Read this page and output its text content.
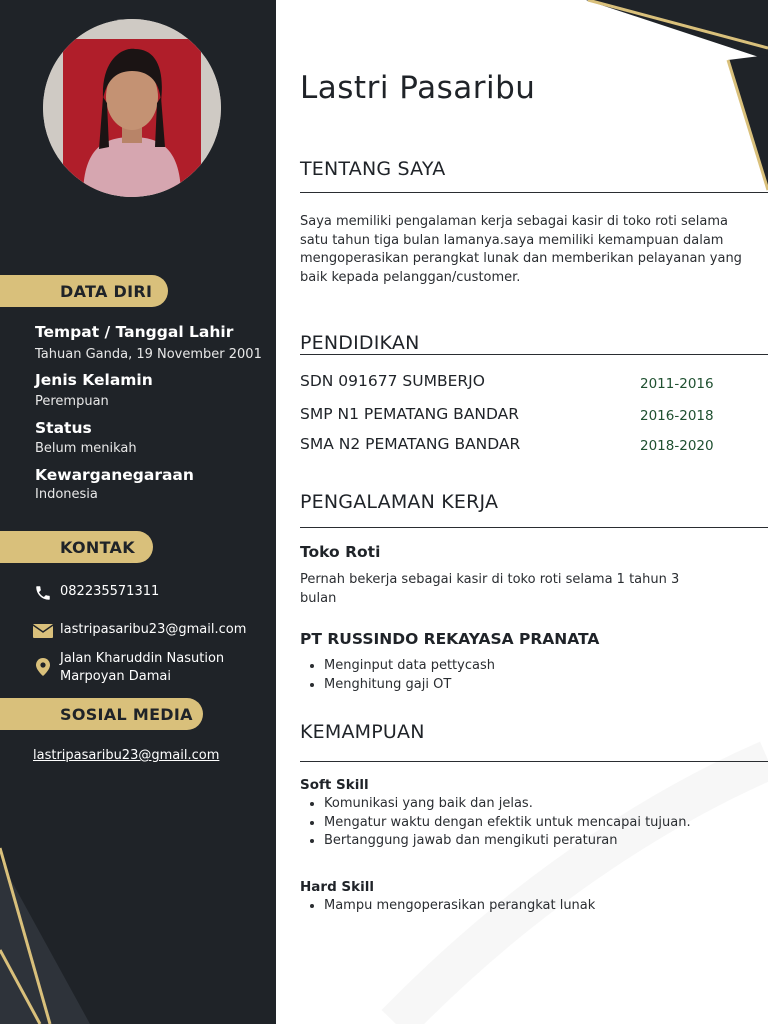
DATA DIRI
Tempat / Tanggal Lahir
Tahuan Ganda, 19 November 2001
Jenis Kelamin
Perempuan
Status
Belum menikah
Kewarganegaraan
Indonesia
KONTAK
082235571311
lastripasaribu23@gmail.com
Jalan Kharuddin Nasution
Marpoyan Damai
SOSIAL MEDIA
lastripasaribu23@gmail.com
Lastri Pasaribu
TENTANG SAYA
Saya memiliki pengalaman kerja sebagai kasir di toko roti selama
satu tahun tiga bulan lamanya.saya memiliki kemampuan dalam
mengoperasikan perangkat lunak dan memberikan pelayanan yang
baik kepada pelanggan/customer.
PENDIDIKAN
SDN 091677 SUMBERJO	2011-2016
SMP N1 PEMATANG BANDAR	2016-2018
SMA N2 PEMATANG BANDAR	2018-2020
PENGALAMAN KERJA
Toko Roti
Pernah bekerja sebagai kasir di toko roti selama 1 tahun 3
bulan
PT RUSSINDO REKAYASA PRANATA
• Menginput data pettycash
• Menghitung gaji OT
KEMAMPUAN
Soft Skill
• Komunikasi yang baik dan jelas.
• Mengatur waktu dengan efektik untuk mencapai tujuan.
• Bertanggung jawab dan mengikuti peraturan
Hard Skill
• Mampu mengoperasikan perangkat lunak
